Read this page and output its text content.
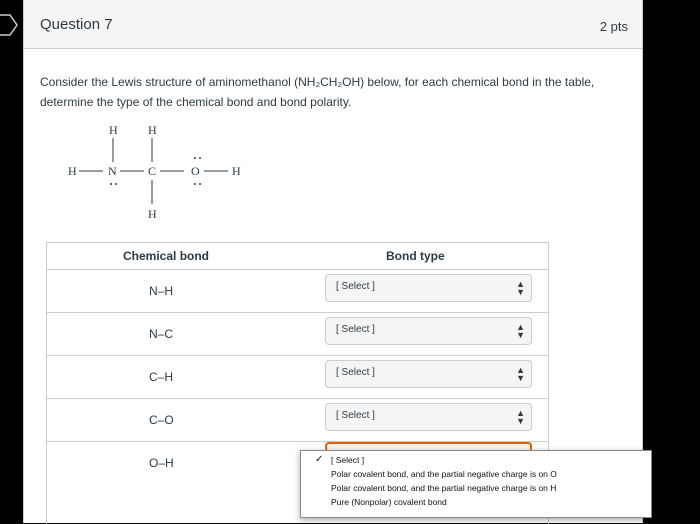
Question 7	2 pts
Consider the Lewis structure of aminomethanol (NH₂CH₂OH) below, for each chemical bond in the table, determine the type of the chemical bond and bond polarity.
H	H
H	N	C	O	H
H
Chemical bond	Bond type
N–H	[ Select ]	▲
▼
N–C	[ Select ]	▲
▼
C–H	[ Select ]	▲
▼
C–O	[ Select ]	▲
▼
O–H	✓ [ Select ]
Polar covalent bond, and the partial negative charge is on O
Polar covalent bond, and the partial negative charge is on H
Pure (Nonpolar) covalent bond
